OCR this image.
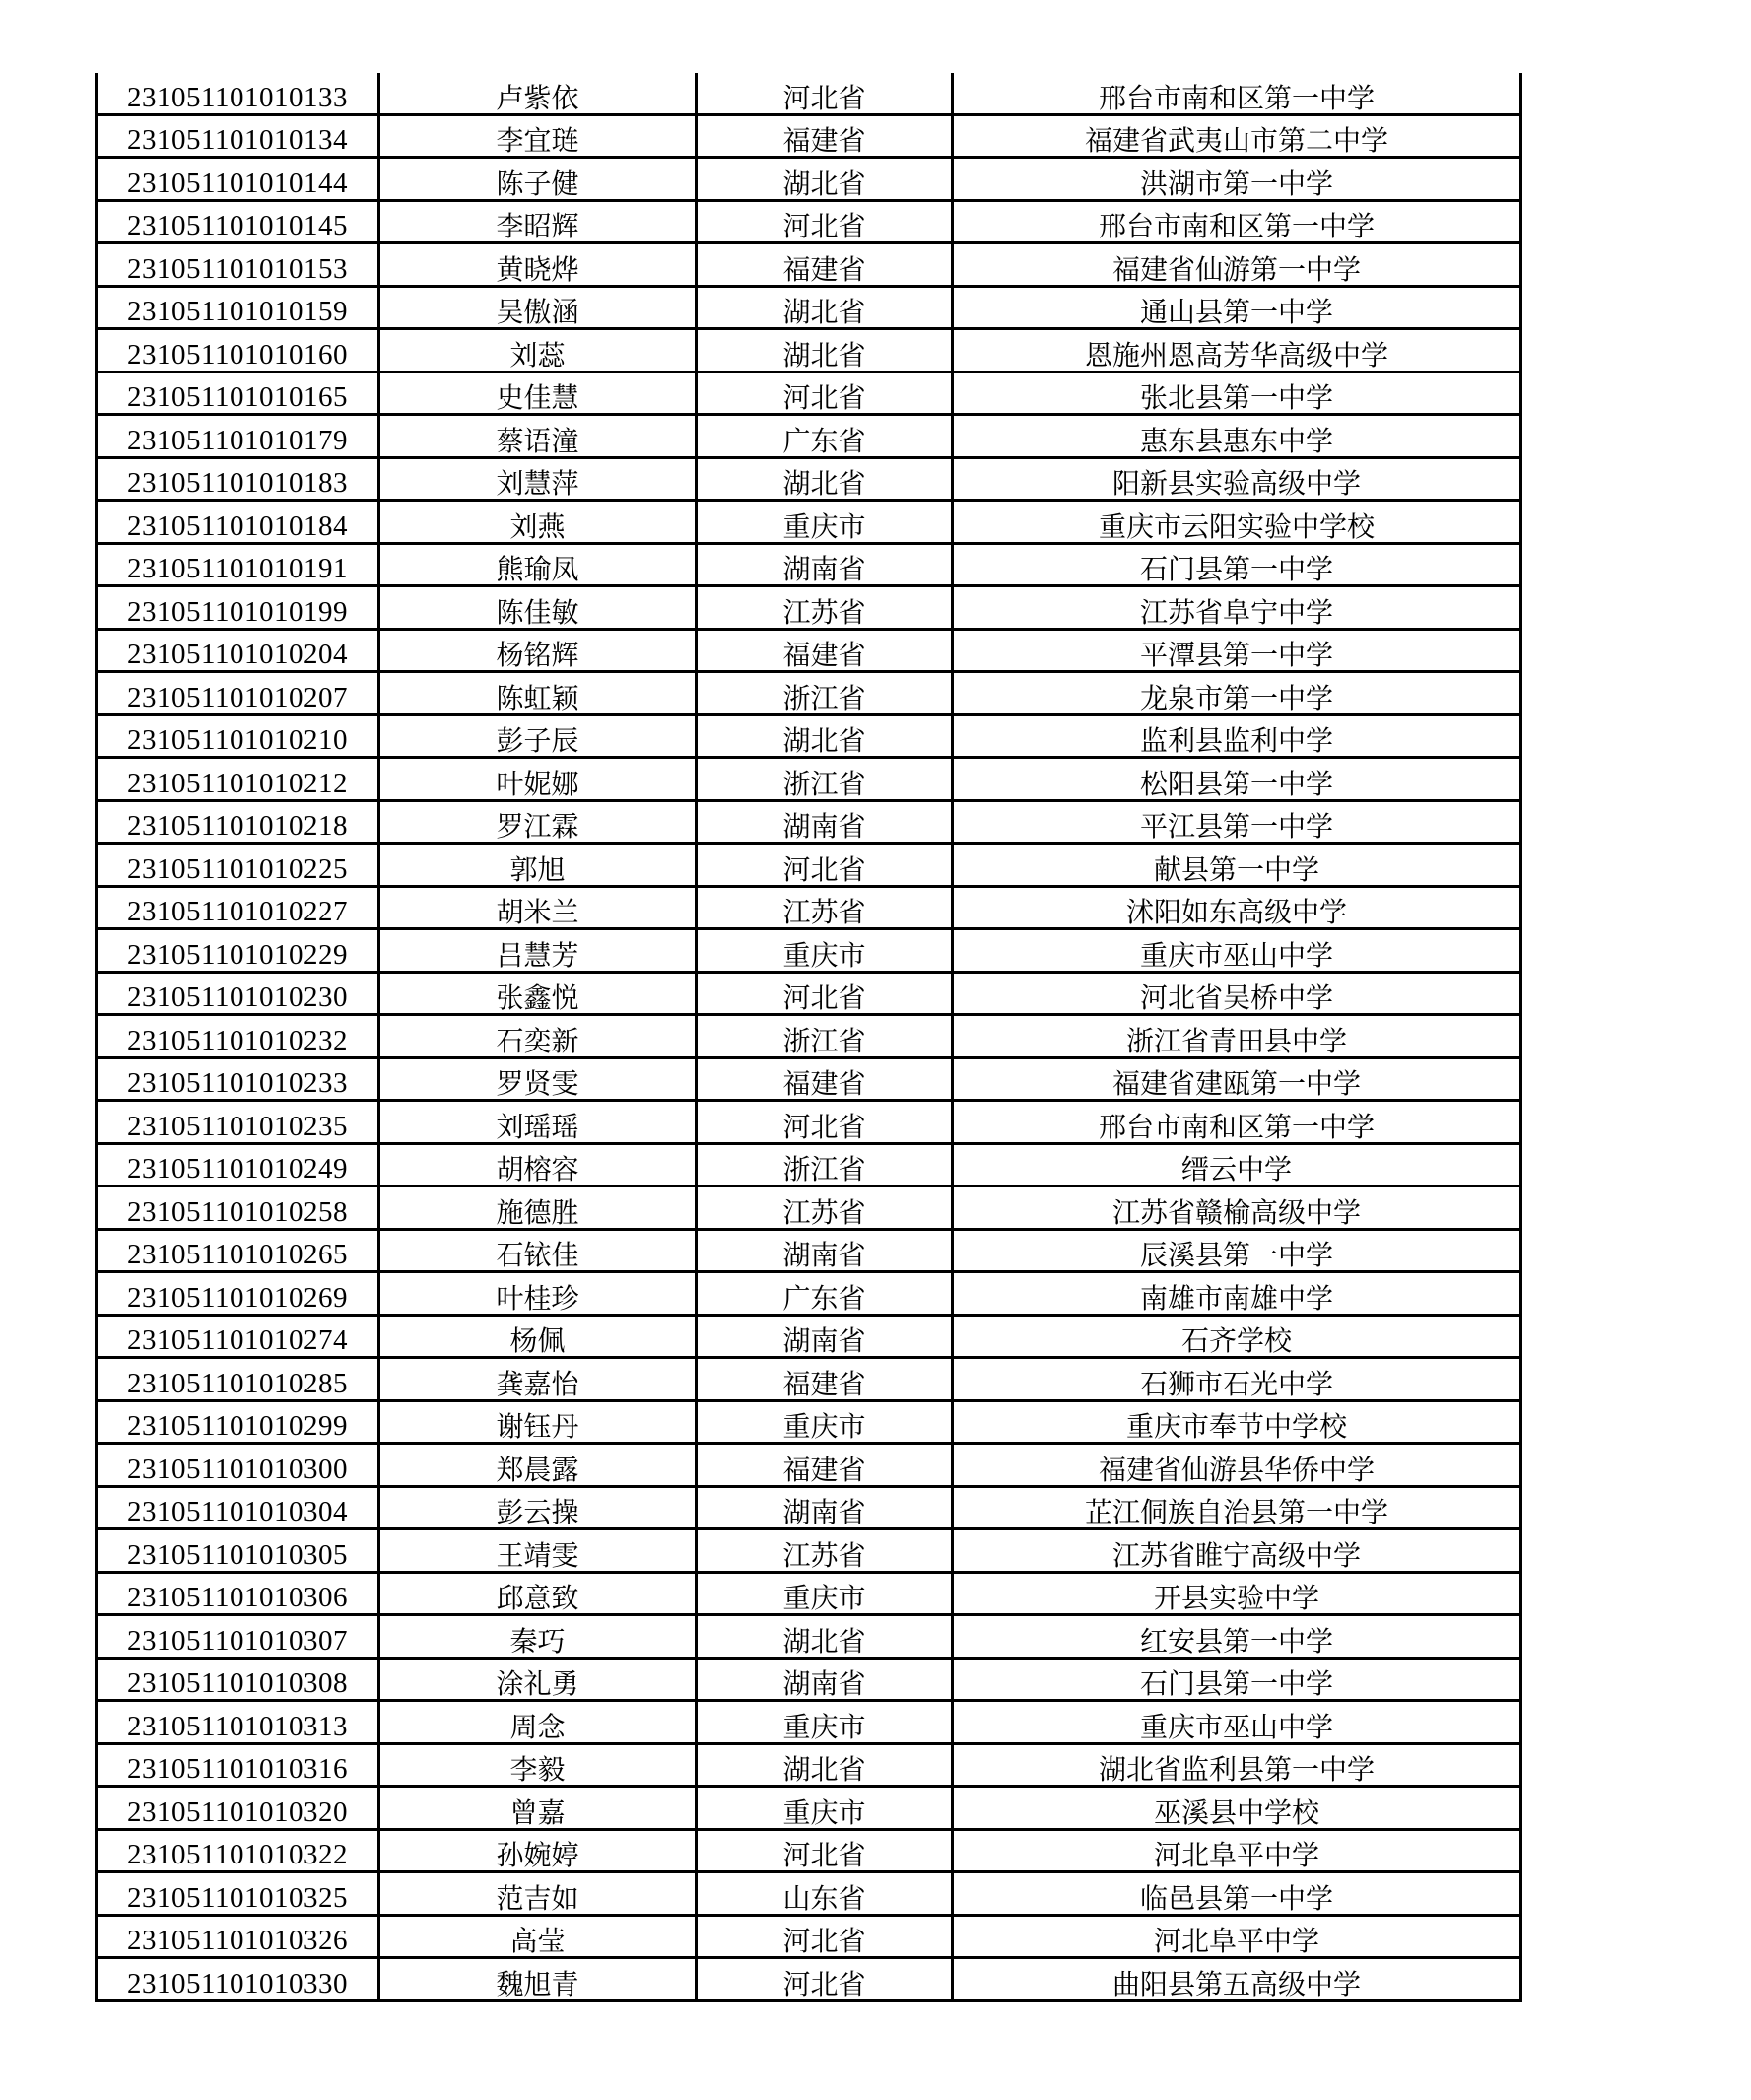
231051101010133	卢紫依	河北省	邢台市南和区第一中学
231051101010134	李宜琏	福建省	福建省武夷山市第二中学
231051101010144	陈子健	湖北省	洪湖市第一中学
231051101010145	李昭辉	河北省	邢台市南和区第一中学
231051101010153	黄晓烨	福建省	福建省仙游第一中学
231051101010159	吴傲涵	湖北省	通山县第一中学
231051101010160	刘蕊	湖北省	恩施州恩高芳华高级中学
231051101010165	史佳慧	河北省	张北县第一中学
231051101010179	蔡语潼	广东省	惠东县惠东中学
231051101010183	刘慧萍	湖北省	阳新县实验高级中学
231051101010184	刘燕	重庆市	重庆市云阳实验中学校
231051101010191	熊瑜凤	湖南省	石门县第一中学
231051101010199	陈佳敏	江苏省	江苏省阜宁中学
231051101010204	杨铭辉	福建省	平潭县第一中学
231051101010207	陈虹颖	浙江省	龙泉市第一中学
231051101010210	彭子辰	湖北省	监利县监利中学
231051101010212	叶妮娜	浙江省	松阳县第一中学
231051101010218	罗江霖	湖南省	平江县第一中学
231051101010225	郭旭	河北省	献县第一中学
231051101010227	胡米兰	江苏省	沭阳如东高级中学
231051101010229	吕慧芳	重庆市	重庆市巫山中学
231051101010230	张鑫悦	河北省	河北省吴桥中学
231051101010232	石奕新	浙江省	浙江省青田县中学
231051101010233	罗贤雯	福建省	福建省建瓯第一中学
231051101010235	刘瑶瑶	河北省	邢台市南和区第一中学
231051101010249	胡榕容	浙江省	缙云中学
231051101010258	施德胜	江苏省	江苏省赣榆高级中学
231051101010265	石铱佳	湖南省	辰溪县第一中学
231051101010269	叶桂珍	广东省	南雄市南雄中学
231051101010274	杨佩	湖南省	石齐学校
231051101010285	龚嘉怡	福建省	石狮市石光中学
231051101010299	谢钰丹	重庆市	重庆市奉节中学校
231051101010300	郑晨露	福建省	福建省仙游县华侨中学
231051101010304	彭云操	湖南省	芷江侗族自治县第一中学
231051101010305	王靖雯	江苏省	江苏省睢宁高级中学
231051101010306	邱意致	重庆市	开县实验中学
231051101010307	秦巧	湖北省	红安县第一中学
231051101010308	涂礼勇	湖南省	石门县第一中学
231051101010313	周念	重庆市	重庆市巫山中学
231051101010316	李毅	湖北省	湖北省监利县第一中学
231051101010320	曾嘉	重庆市	巫溪县中学校
231051101010322	孙婉婷	河北省	河北阜平中学
231051101010325	范吉如	山东省	临邑县第一中学
231051101010326	高莹	河北省	河北阜平中学
231051101010330	魏旭青	河北省	曲阳县第五高级中学
